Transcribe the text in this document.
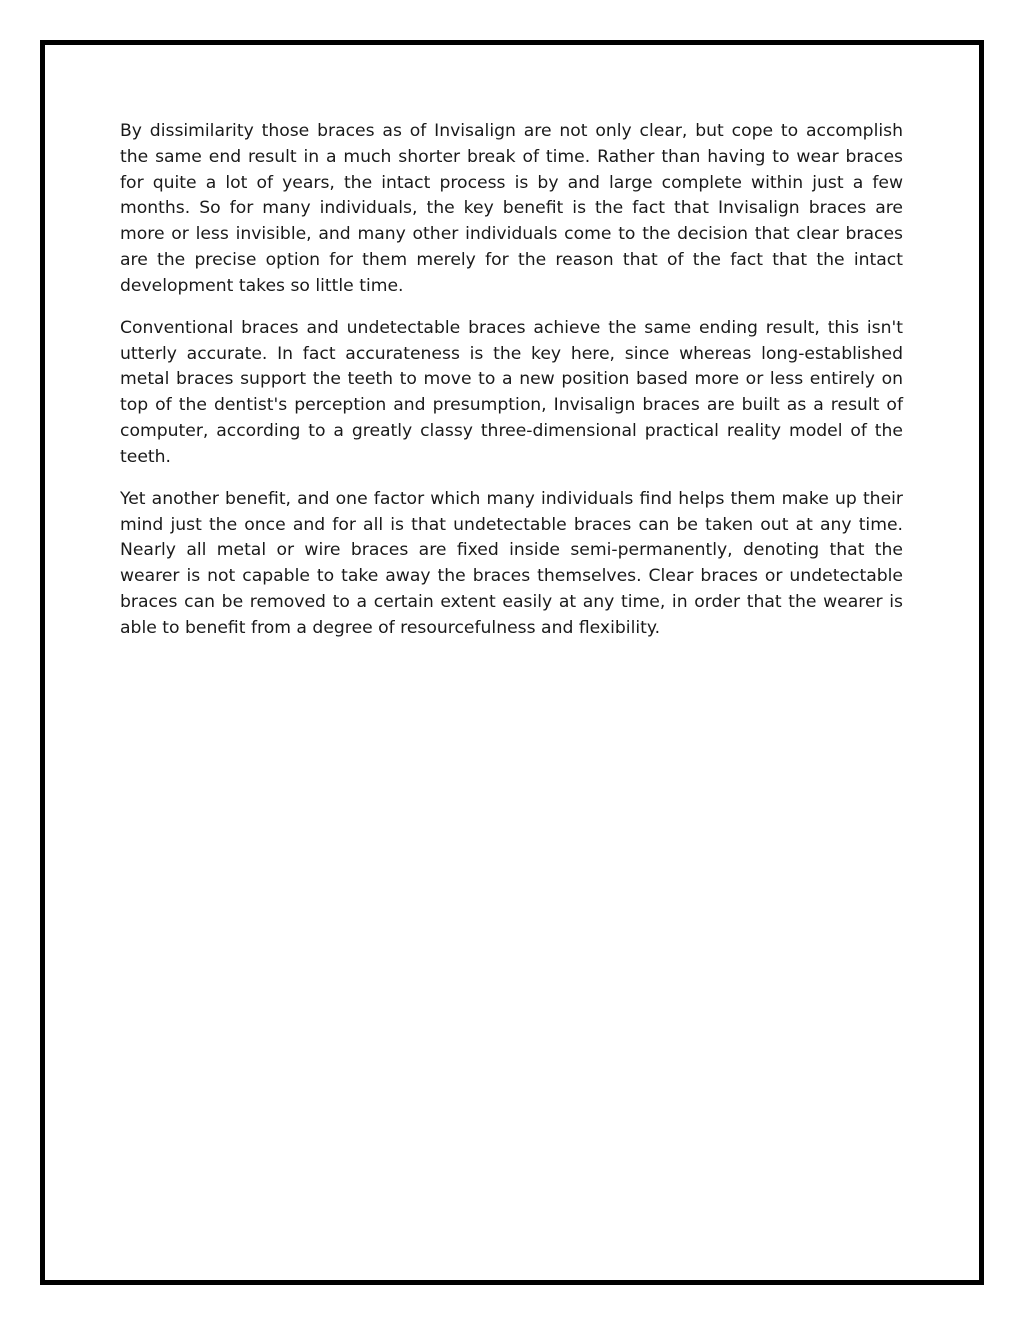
By dissimilarity those braces as of Invisalign are not only clear, but cope to accomplish the same end result in a much shorter break of time. Rather than having to wear braces for quite a lot of years, the intact process is by and large complete within just a few months. So for many individuals, the key benefit is the fact that Invisalign braces are more or less invisible, and many other individuals come to the decision that clear braces are the precise option for them merely for the reason that of the fact that the intact development takes so little time.

Conventional braces and undetectable braces achieve the same ending result, this isn't utterly accurate. In fact accurateness is the key here, since whereas long-established metal braces support the teeth to move to a new position based more or less entirely on top of the dentist's perception and presumption, Invisalign braces are built as a result of computer, according to a greatly classy three-dimensional practical reality model of the teeth.

Yet another benefit, and one factor which many individuals find helps them make up their mind just the once and for all is that undetectable braces can be taken out at any time. Nearly all metal or wire braces are fixed inside semi-permanently, denoting that the wearer is not capable to take away the braces themselves. Clear braces or undetectable braces can be removed to a certain extent easily at any time, in order that the wearer is able to benefit from a degree of resourcefulness and flexibility.
